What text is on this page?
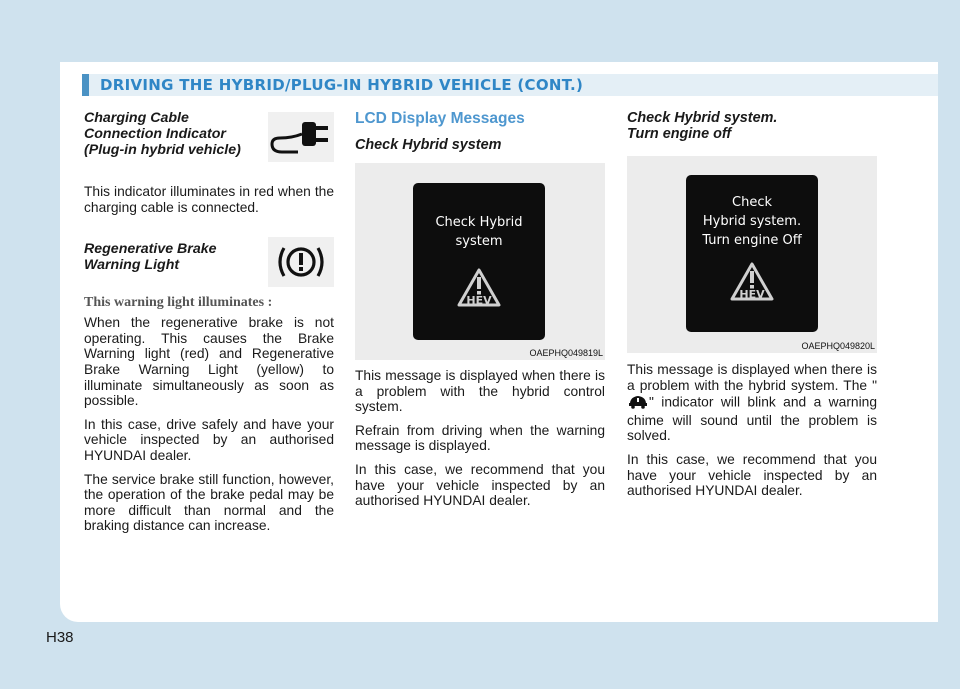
DRIVING THE HYBRID/PLUG-IN HYBRID VEHICLE (CONT.)
Charging Cable
Connection Indicator
(Plug-in hybrid vehicle)

This indicator illuminates in red when the charging cable is connected.

Regenerative Brake
Warning Light

This warning light illuminates :

When the regenerative brake is not operating. This causes the Brake Warning light (red) and Regenerative Brake Warning Light (yellow) to illuminate simultaneously as soon as possible.

In this case, drive safely and have your vehicle inspected by an authorised HYUNDAI dealer.

The service brake still function, however, the operation of the brake pedal may be more difficult than normal and the braking distance can increase.

LCD Display Messages
Check Hybrid system
Check Hybrid
system
HEV
OAEPHQ049819L

This message is displayed when there is a problem with the hybrid control system.

Refrain from driving when the warning message is displayed.

In this case, we recommend that you have your vehicle inspected by an authorised HYUNDAI dealer.

Check Hybrid system.
Turn engine off
Check
Hybrid system.
Turn engine Off
HEV
OAEPHQ049820L

This message is displayed when there is a problem with the hybrid system. The "" indicator will blink and a warning chime will sound until the problem is solved.

In this case, we recommend that you have your vehicle inspected by an authorised HYUNDAI dealer.

H38
